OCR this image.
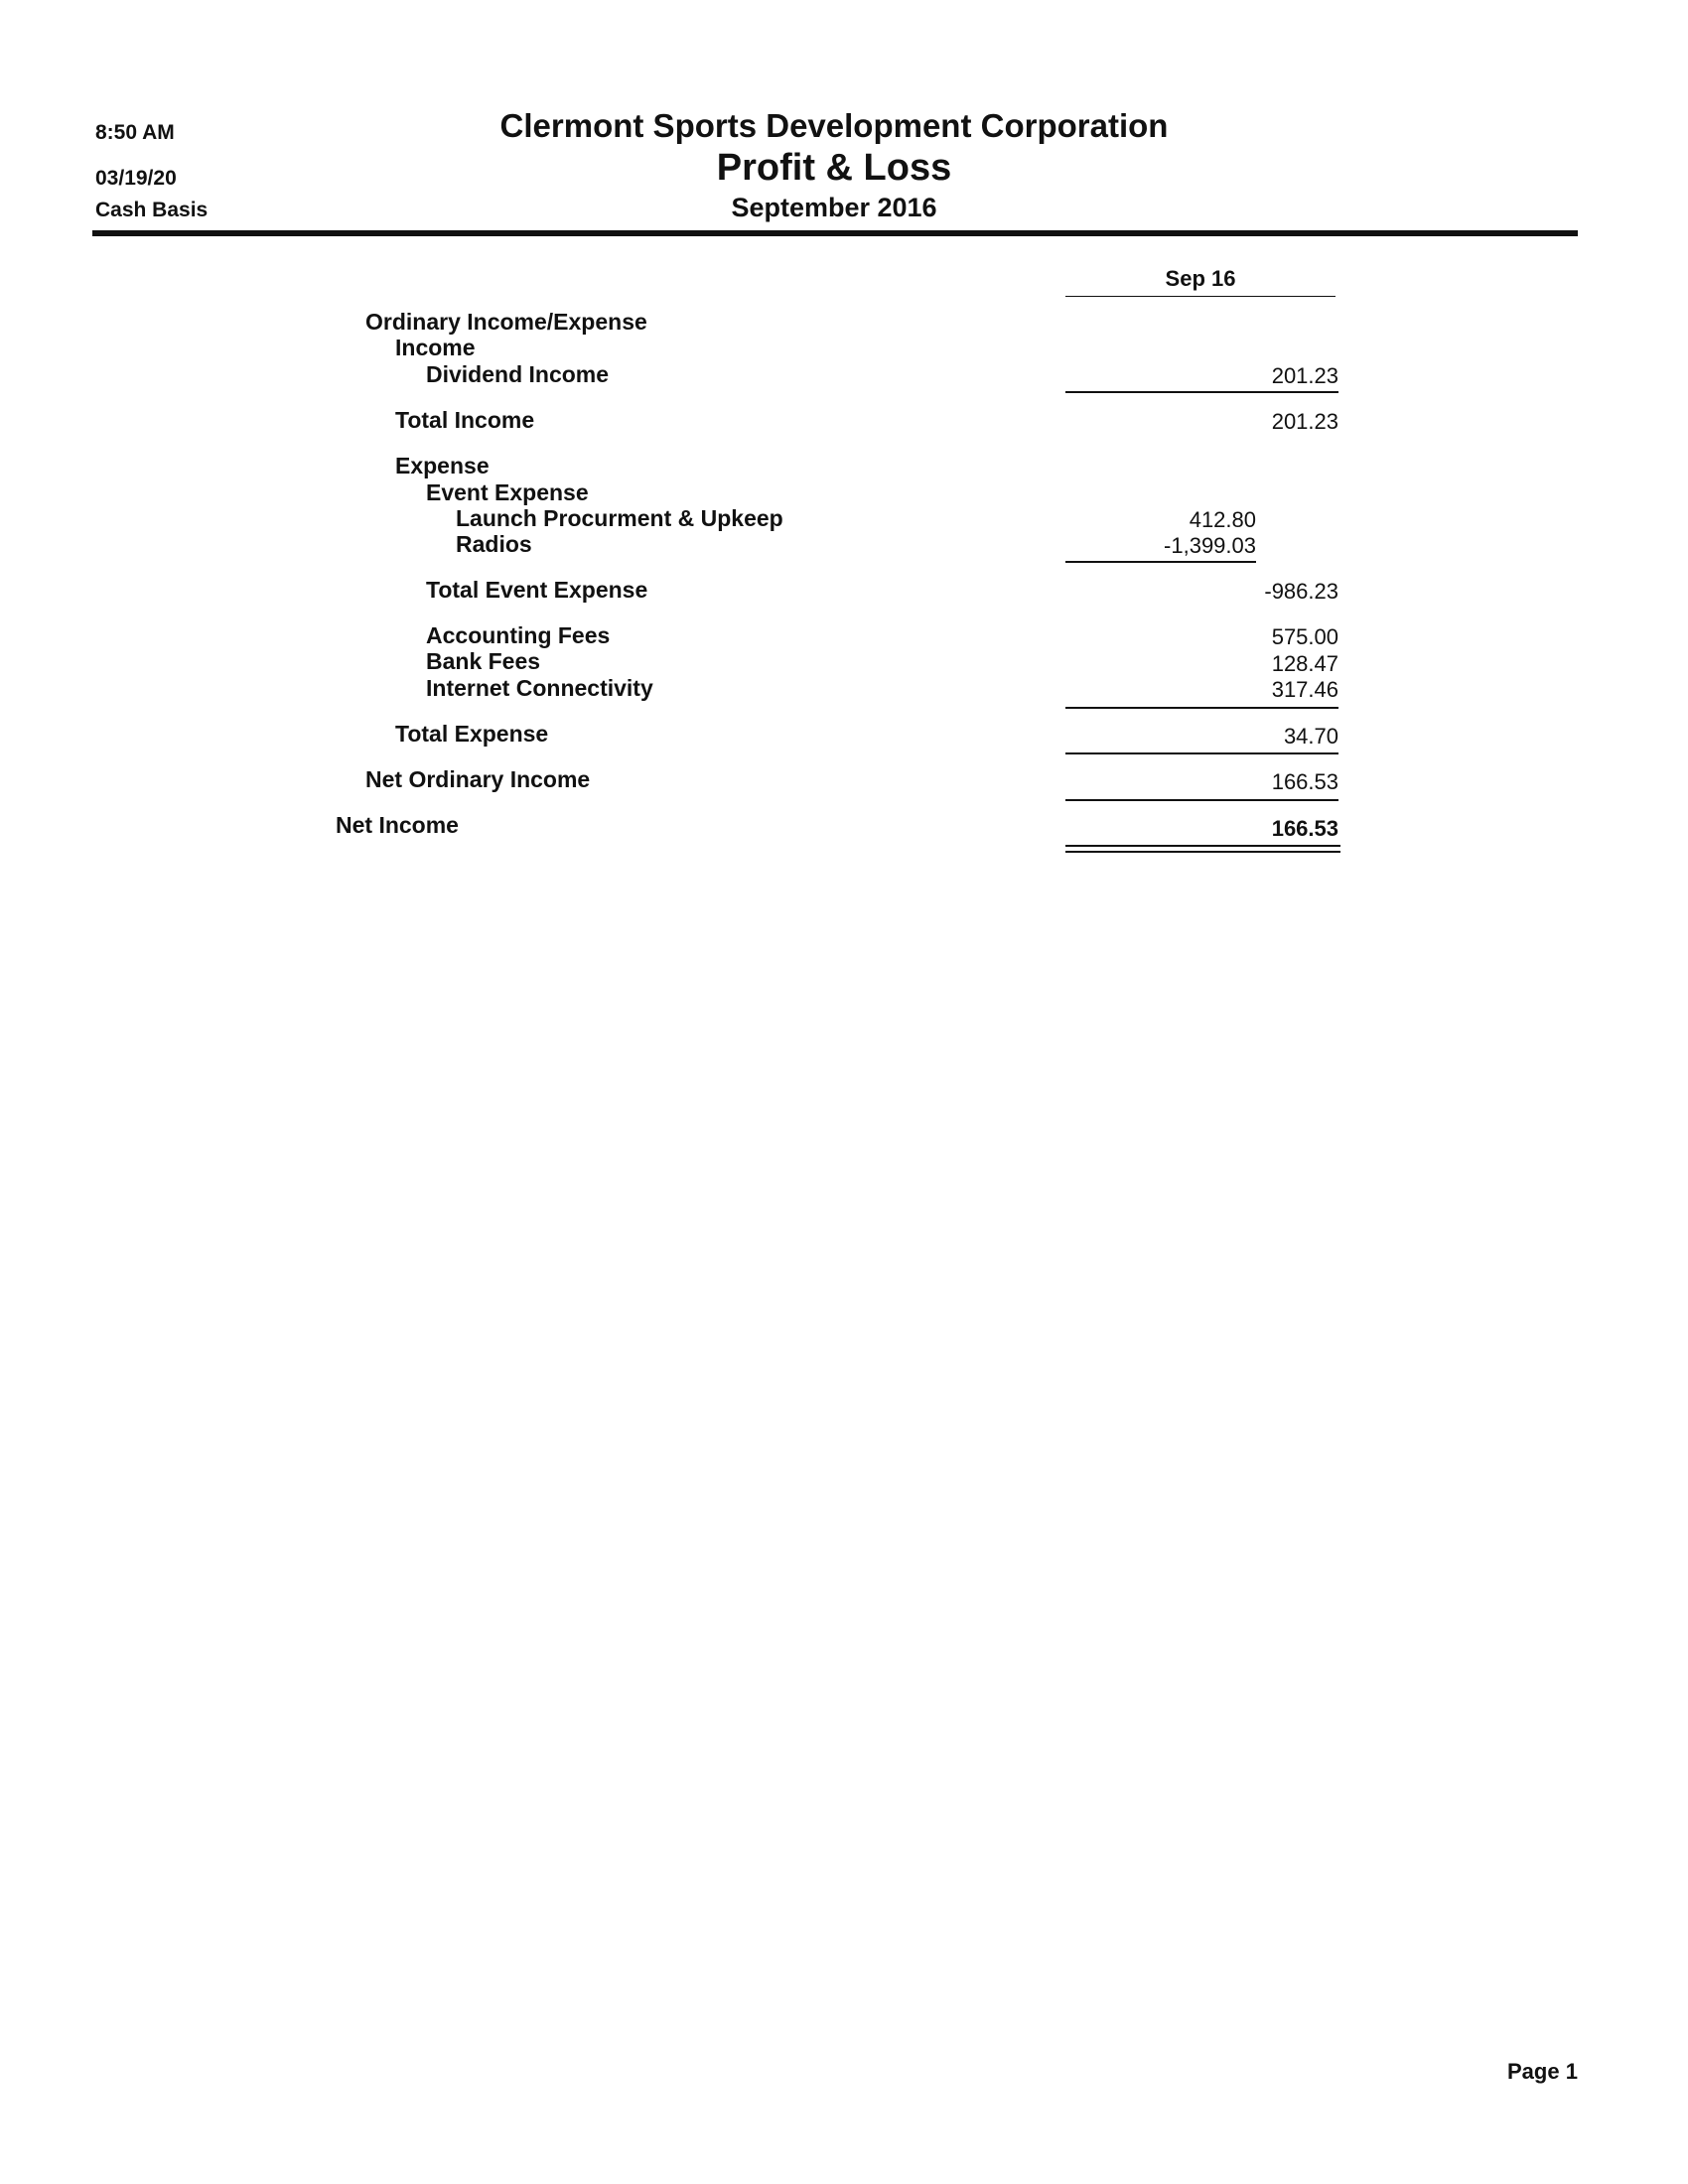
8:50 AM
03/19/20
Cash Basis
Clermont Sports Development Corporation
Profit & Loss
September 2016
Sep 16
Ordinary Income/Expense
Income
Dividend Income	201.23
Total Income	201.23
Expense
Event Expense
Launch Procurment & Upkeep	412.80
Radios	-1,399.03
Total Event Expense	-986.23
Accounting Fees	575.00
Bank Fees	128.47
Internet Connectivity	317.46
Total Expense	34.70
Net Ordinary Income	166.53
Net Income	166.53
Page 1
